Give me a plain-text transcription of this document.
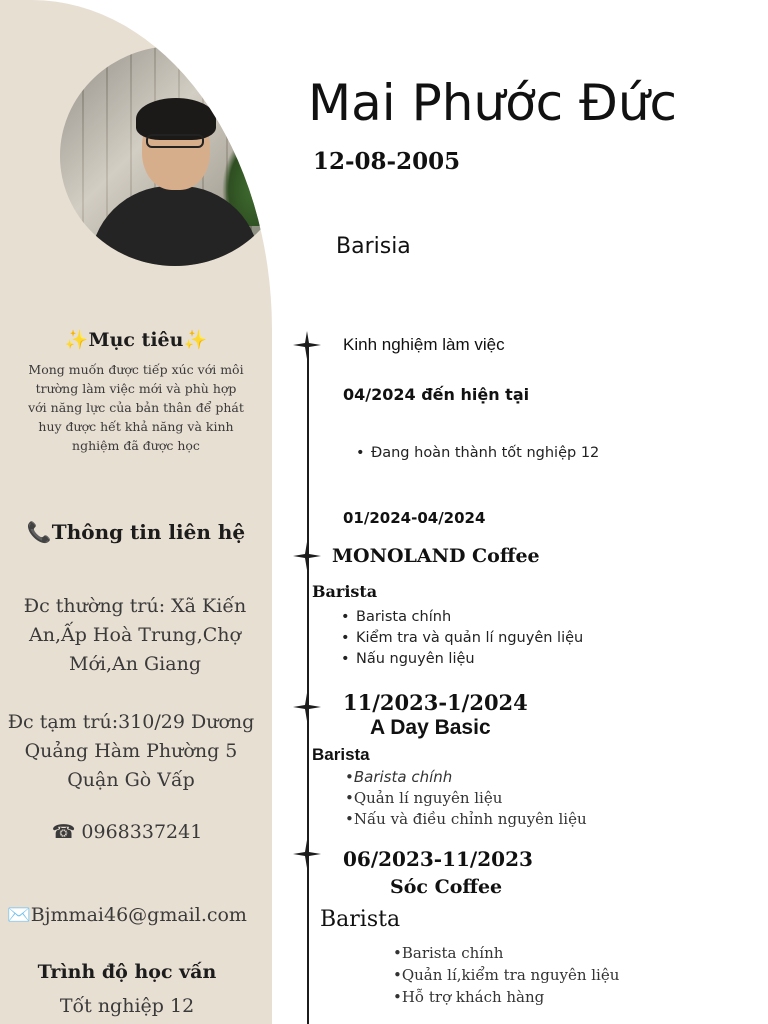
✨Mục tiêu✨
Mong muốn được tiếp xúc với môi trường làm việc mới và phù hợp với năng lực của bản thân để phát huy được hết khả năng và kinh nghiệm đã được học
📞Thông tin liên hệ
Đc thường trú: Xã Kiến An,Ấp Hoà Trung,Chợ Mới,An Giang
Đc tạm trú:310/29 Dương Quảng Hàm Phường 5 Quận Gò Vấp
☎ 0968337241
✉️Bjmmai46@gmail.com
Trình độ học vấn
Tốt nghiệp 12
Mai Phước Đức
12-08-2005
Barisia
Kinh nghiệm làm việc
04/2024 đến hiện tại
• Đang hoàn thành tốt nghiệp 12
01/2024-04/2024
MONOLAND Coffee
Barista
• Barista chính
• Kiểm tra và quản lí nguyên liệu
• Nấu nguyên liệu
11/2023-1/2024
A Day Basic
Barista
•Barista chính
•Quản lí nguyên liệu
•Nấu và điều chỉnh nguyên liệu
06/2023-11/2023
Sóc Coffee
Barista
•Barista chính
•Quản lí,kiểm tra nguyên liệu
•Hỗ trợ khách hàng
